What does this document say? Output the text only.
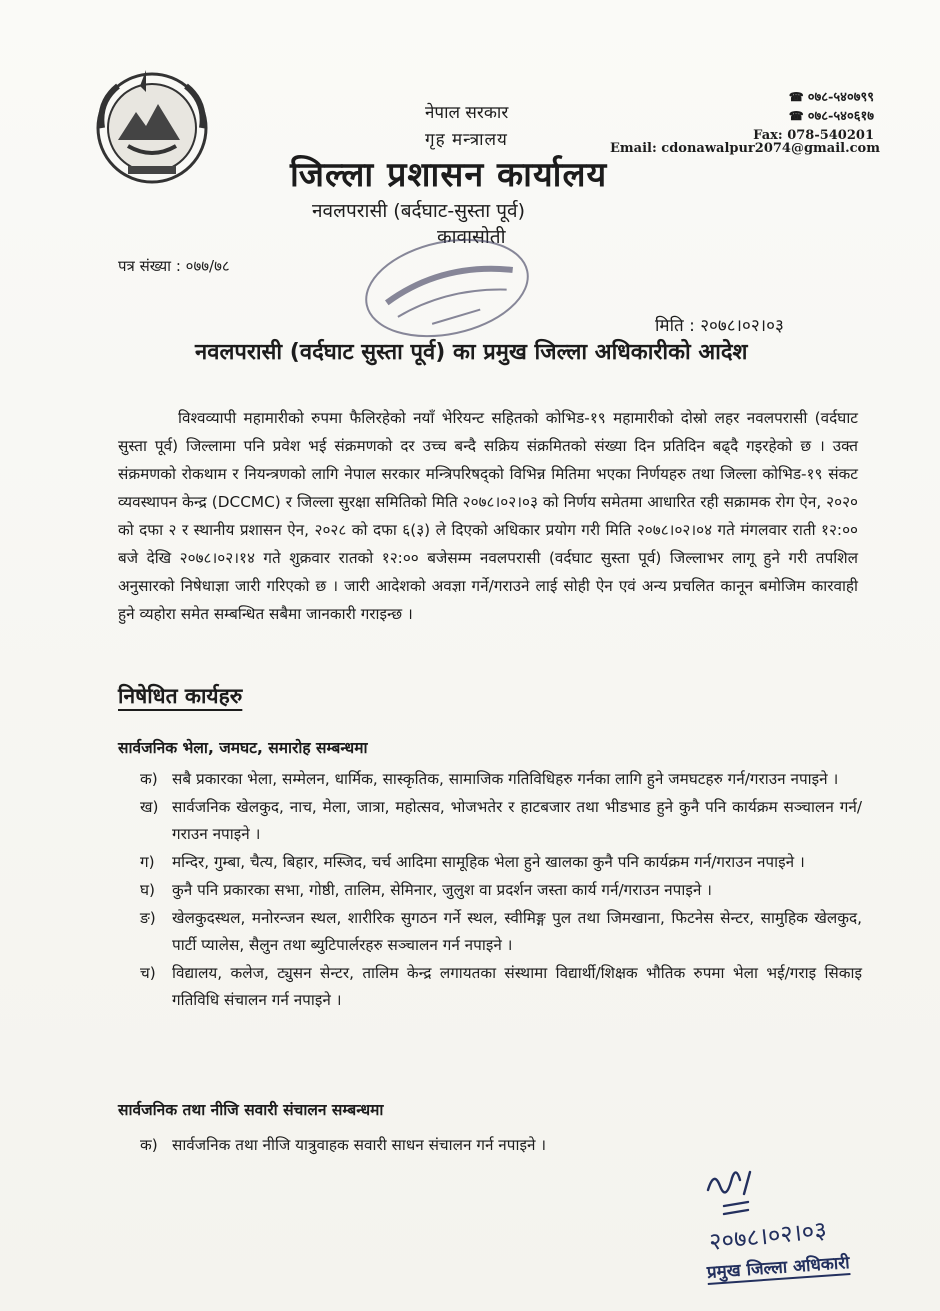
नेपाल सरकार
गृह मन्त्रालय
जिल्ला प्रशासन कार्यालय
नवलपरासी (बर्दघाट-सुस्ता पूर्व)
कावासोती
☎ ०७८-५४०७९९
☎ ०७८-५४०६१७
Fax: 078-540201
Email: cdonawalpur2074@gmail.com
पत्र संख्या : ०७७/७८
मिति : २०७८।०२।०३
नवलपरासी (वर्दघाट सुस्ता पूर्व) का प्रमुख जिल्ला अधिकारीको आदेश

विश्वव्यापी महामारीको रुपमा फैलिरहेको नयाँ भेरियन्ट सहितको कोभिड-१९ महामारीको दोस्रो लहर नवलपरासी (वर्दघाट सुस्ता पूर्व) जिल्लामा पनि प्रवेश भई संक्रमणको दर उच्च बन्दै सक्रिय संक्रमितको संख्या दिन प्रतिदिन बढ्दै गइरहेको छ । उक्त संक्रमणको रोकथाम र नियन्त्रणको लागि नेपाल सरकार मन्त्रिपरिषद्को विभिन्न मितिमा भएका निर्णयहरु तथा जिल्ला कोभिड-१९ संकट व्यवस्थापन केन्द्र (DCCMC) र जिल्ला सुरक्षा समितिको मिति २०७८।०२।०३ को निर्णय समेतमा आधारित रही सक्रामक रोग ऐन, २०२० को दफा २ र स्थानीय प्रशासन ऐन, २०२८ को दफा ६(३) ले दिएको अधिकार प्रयोग गरी मिति २०७८।०२।०४ गते मंगलवार राती १२:०० बजे देखि २०७८।०२।१४ गते शुक्रवार रातको १२:०० बजेसम्म नवलपरासी (वर्दघाट सुस्ता पूर्व) जिल्लाभर लागू हुने गरी तपशिल अनुसारको निषेधाज्ञा जारी गरिएको छ । जारी आदेशको अवज्ञा गर्ने/गराउने लाई सोही ऐन एवं अन्य प्रचलित कानून बमोजिम कारवाही हुने व्यहोरा समेत सम्बन्धित सबैमा जानकारी गराइन्छ ।

निषेधित कार्यहरु
सार्वजनिक भेला, जमघट, समारोह सम्बन्धमा
क) सबै प्रकारका भेला, सम्मेलन, धार्मिक, सास्कृतिक, सामाजिक गतिविधिहरु गर्नका लागि हुने जमघटहरु गर्न/गराउन नपाइने ।
ख) सार्वजनिक खेलकुद, नाच, मेला, जात्रा, महोत्सव, भोजभतेर र हाटबजार तथा भीडभाड हुने कुनै पनि कार्यक्रम सञ्चालन गर्न/गराउन नपाइने ।
ग)	मन्दिर, गुम्बा, चैत्य, बिहार, मस्जिद, चर्च आदिमा सामूहिक भेला हुने खालका कुनै पनि कार्यक्रम गर्न/गराउन नपाइने ।
घ)	कुनै पनि प्रकारका सभा, गोष्ठी, तालिम, सेमिनार, जुलुश वा प्रदर्शन जस्ता कार्य गर्न/गराउन नपाइने ।
ङ)	खेलकुदस्थल, मनोरन्जन स्थल, शारीरिक सुगठन गर्ने स्थल, स्वीमिङ्ग पुल तथा जिमखाना, फिटनेस सेन्टर, सामुहिक खेलकुद, पार्टी प्यालेस, सैलुन तथा ब्युटिपार्लरहरु सञ्चालन गर्न नपाइने ।
च)	विद्यालय, कलेज, ट्युसन सेन्टर, तालिम केन्द्र लगायतका संस्थामा विद्यार्थी/शिक्षक भौतिक रुपमा भेला भई/गराइ सिकाइ गतिविधि संचालन गर्न नपाइने ।
सार्वजनिक तथा नीजि सवारी संचालन सम्बन्धमा
क) सार्वजनिक तथा नीजि यात्रुवाहक सवारी साधन संचालन गर्न नपाइने ।
२०७८।०२।०३
प्रमुख जिल्ला अधिकारी
